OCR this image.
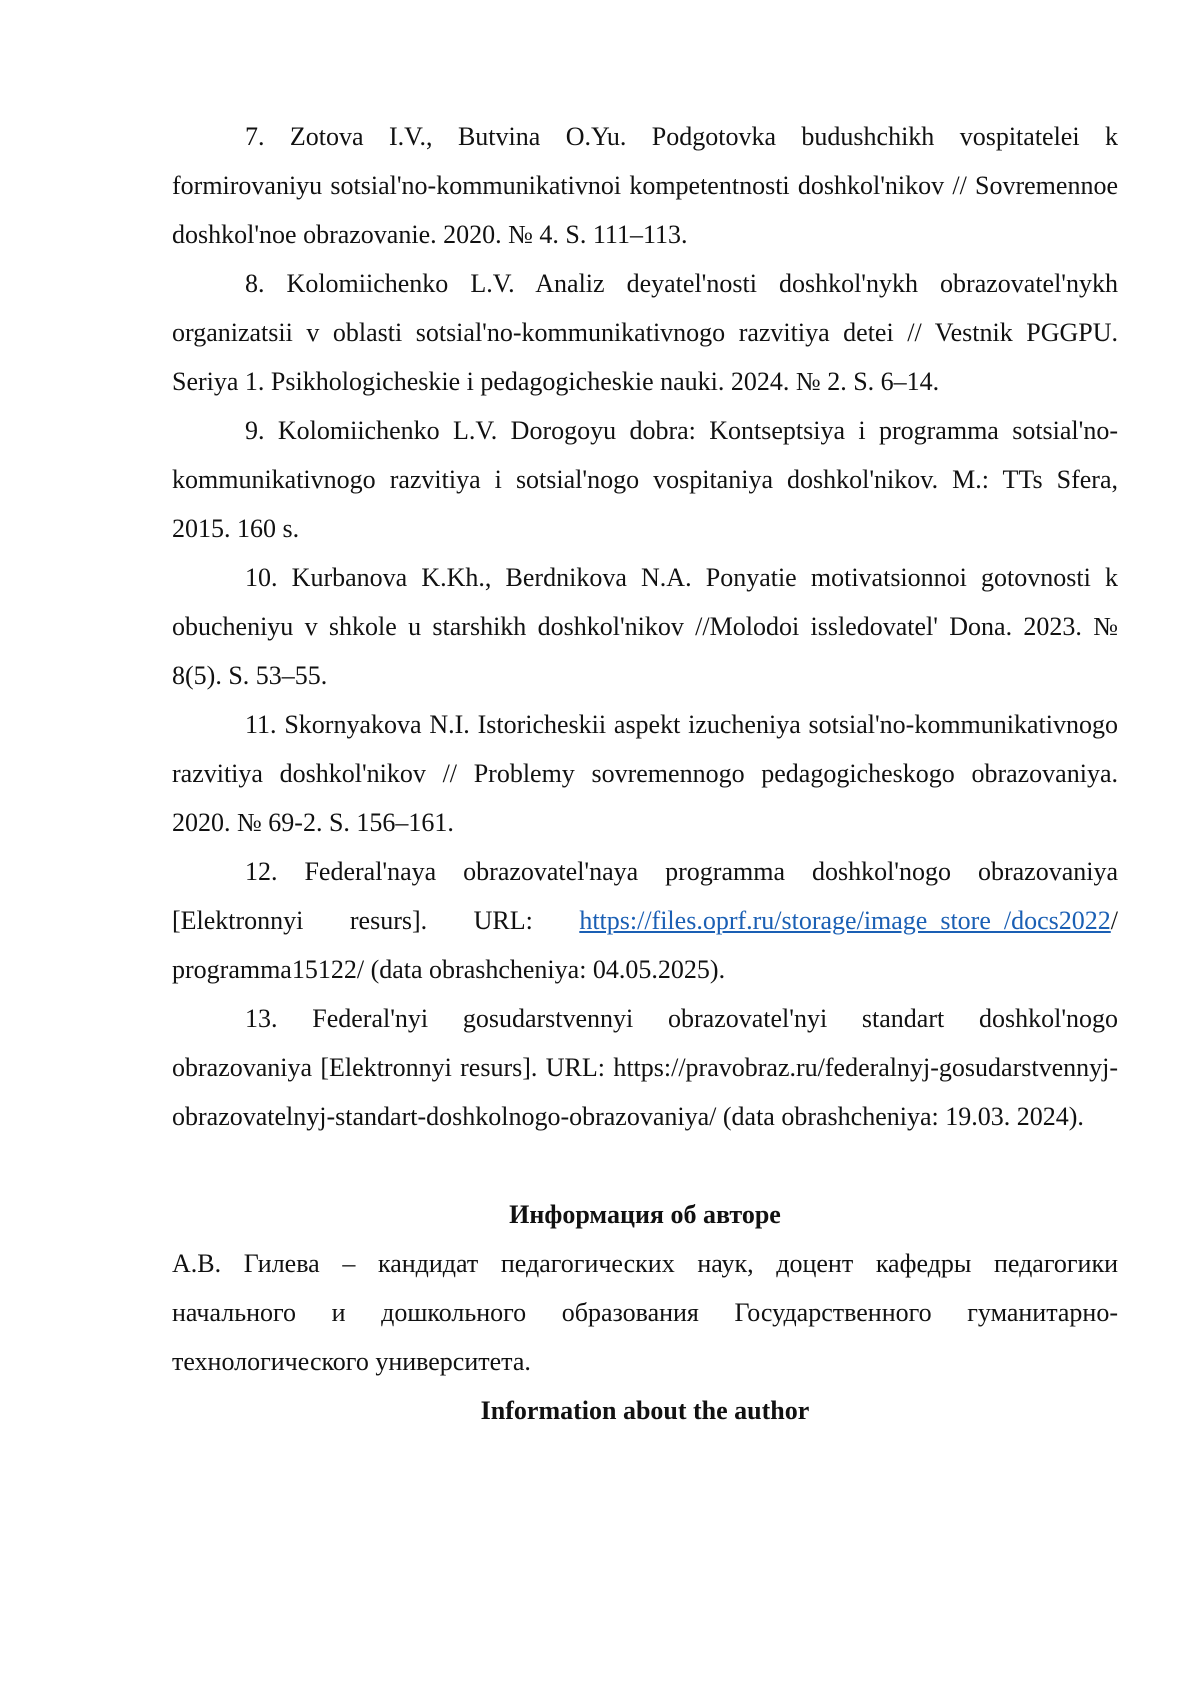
7. Zotova I.V., Butvina O.Yu. Podgotovka budushchikh vospitatelei k formirovaniyu sotsial'no-kommunikativnoi kompetentnosti doshkol'nikov // Sovremennoe doshkol'noe obrazovanie. 2020. № 4. S. 111–113.

8. Kolomiichenko L.V. Analiz deyatel'nosti doshkol'nykh obrazovatel'nykh organizatsii v oblasti sotsial'no-kommunikativnogo razvitiya detei // Vestnik PGGPU. Seriya 1. Psikhologicheskie i pedagogicheskie nauki. 2024. № 2. S. 6–14.

9. Kolomiichenko L.V. Dorogoyu dobra: Kontseptsiya i programma sotsial'no-kommunikativnogo razvitiya i sotsial'nogo vospitaniya doshkol'nikov. M.: TTs Sfera, 2015. 160 s.

10. Kurbanova K.Kh., Berdnikova N.A. Ponyatie motivatsionnoi gotovnosti k obucheniyu v shkole u starshikh doshkol'nikov //Molodoi issledovatel' Dona. 2023. № 8(5). S. 53–55.

11. Skornyakova N.I. Istoricheskii aspekt izucheniya sotsial'no-kommunikativnogo razvitiya doshkol'nikov // Problemy sovremennogo pedagogicheskogo obrazovaniya. 2020. № 69-2. S. 156–161.

12. Federal'naya obrazovatel'naya programma doshkol'nogo obrazovaniya [Elektronnyi resurs]. URL: https://files.oprf.ru/storage/image_store_/docs2022/ programma15122/ (data obrashcheniya: 04.05.2025).

13. Federal'nyi gosudarstvennyi obrazovatel'nyi standart doshkol'nogo obrazovaniya [Elektronnyi resurs]. URL: https://pravobraz.ru/federalnyj-gosudarstvennyj-obrazovatelnyj-standart-doshkolnogo-obrazovaniya/ (data obrashcheniya: 19.03. 2024).

Информация об авторе

А.В. Гилева – кандидат педагогических наук, доцент кафедры педагогики начального и дошкольного образования Государственного гуманитарно-технологического университета.

Information about the author
